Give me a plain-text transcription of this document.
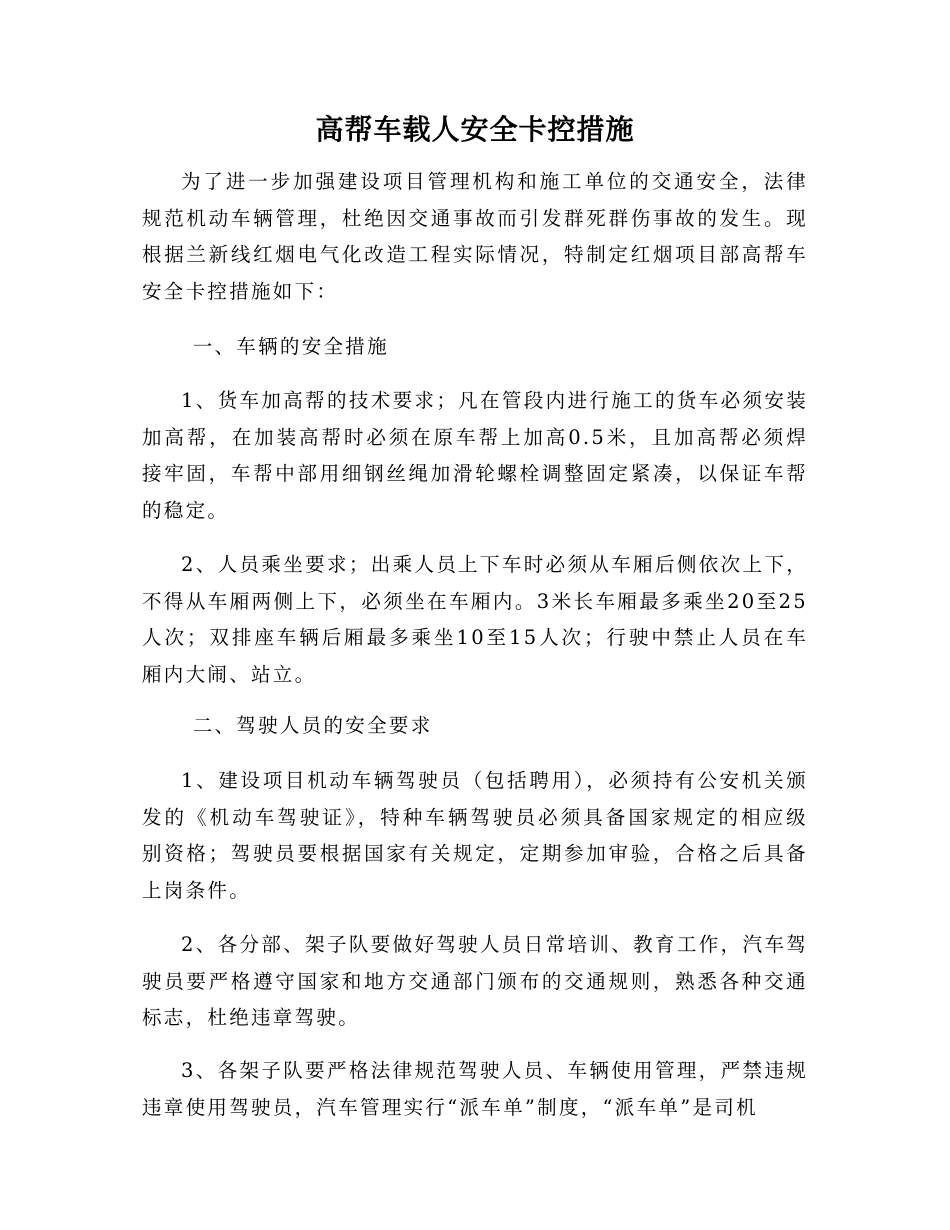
高帮车载人安全卡控措施

为了进一步加强建设项目管理机构和施工单位的交通安全，法律规范机动车辆管理，杜绝因交通事故而引发群死群伤事故的发生。现根据兰新线红烟电气化改造工程实际情况，特制定红烟项目部高帮车安全卡控措施如下：

一、车辆的安全措施

1、货车加高帮的技术要求；凡在管段内进行施工的货车必须安装加高帮，在加装高帮时必须在原车帮上加高0.5米，且加高帮必须焊接牢固，车帮中部用细钢丝绳加滑轮螺栓调整固定紧凑，以保证车帮的稳定。

2、人员乘坐要求；出乘人员上下车时必须从车厢后侧依次上下，不得从车厢两侧上下，必须坐在车厢内。3米长车厢最多乘坐20至25人次；双排座车辆后厢最多乘坐10至15人次；行驶中禁止人员在车厢内大闹、站立。

二、驾驶人员的安全要求

1、建设项目机动车辆驾驶员（包括聘用），必须持有公安机关颁发的《机动车驾驶证》，特种车辆驾驶员必须具备国家规定的相应级别资格；驾驶员要根据国家有关规定，定期参加审验，合格之后具备上岗条件。

2、各分部、架子队要做好驾驶人员日常培训、教育工作，汽车驾驶员要严格遵守国家和地方交通部门颁布的交通规则，熟悉各种交通标志，杜绝违章驾驶。

3、各架子队要严格法律规范驾驶人员、车辆使用管理，严禁违规违章使用驾驶员，汽车管理实行“派车单”制度，“派车单”是司机
